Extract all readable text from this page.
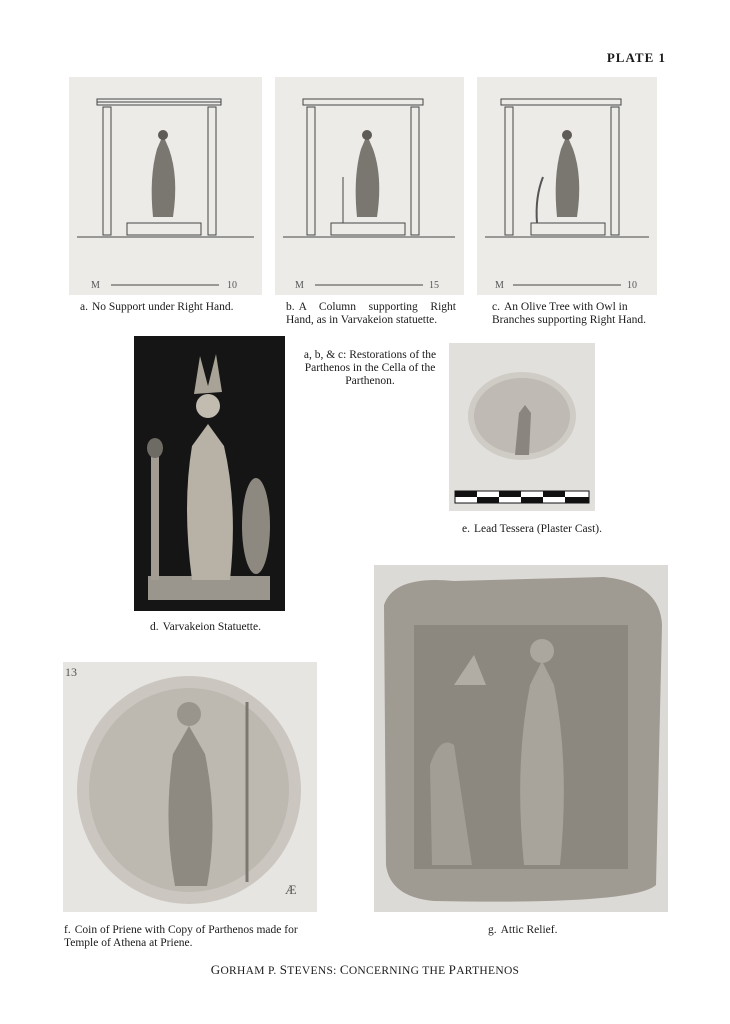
PLATE 1
M	10
a. No Support under Right Hand.
M	15
b. A Column supporting Right Hand, as in Varvakeion statuette.
M	10
c. An Olive Tree with Owl in Branches supporting Right Hand.
a, b, & c: Restorations of the Parthenos in the Cella of the Parthenon.
d. Varvakeion Statuette.
e. Lead Tessera (Plaster Cast).
13
Æ
f. Coin of Priene with Copy of Parthenos made for Temple of Athena at Priene.
g. Attic Relief.
GORHAM P. STEVENS: CONCERNING THE PARTHENOS
